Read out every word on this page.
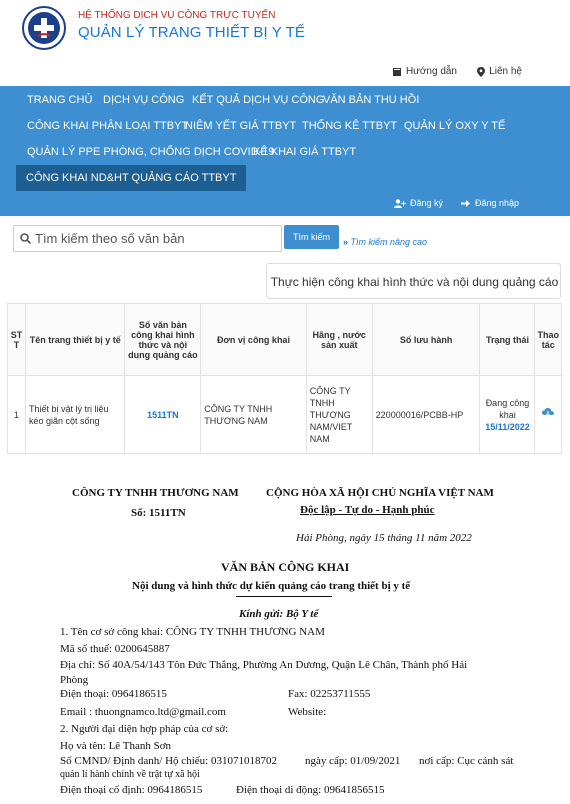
HỆ THỐNG DỊCH VỤ CÔNG TRỰC TUYẾN
QUẢN LÝ TRANG THIẾT BỊ Y TẾ
Hướng dẫn	Liên hệ
TRANG CHỦ DỊCH VỤ CÔNG KẾT QUẢ DỊCH VỤ CÔNG
VĂN BẢN THU HỒI
CÔNG KHAI PHÂN LOẠI TTBYT
NIÊM YẾT GIÁ TTBYT THỐNG KÊ TTBYT QUẢN LÝ OXY Y TẾ
QUẢN LÝ PPE PHÒNG, CHỐNG DỊCH COVID-19
KÊ KHAI GIÁ TTBYT
CÔNG KHAI ND&HT QUẢNG CÁO TTBYT
Đăng ký	Đăng nhập
Tìm kiếm theo số văn bản
Tìm kiếm	» Tìm kiếm nâng cao
Thực hiện công khai hình thức và nội dung quảng cáo
ST T	Tên trang thiết bị y tế	Số văn bản công khai hình thức và nội dung quảng cáo	Đơn vị công khai	Hãng , nước sản xuất	Số lưu hành	Trạng thái	Thao tác
1	Thiết bị vật lý trị liệu kéo giãn cột sống	1511TN	CÔNG TY TNHH THƯƠNG NAM	CÔNG TY TNHH THƯƠNG NAM/VIET NAM	220000016/PCBB-HP	Đang công khai
15/11/2022

CÔNG TY TNHH THƯƠNG NAM
Số: 1511TN
CỘNG HÒA XÃ HỘI CHỦ NGHĨA VIỆT NAM
Độc lập - Tự do - Hạnh phúc
Hải Phòng, ngày 15 tháng 11 năm 2022
VĂN BẢN CÔNG KHAI
Nội dung và hình thức dự kiến quảng cáo trang thiết bị y tế
Kính gửi: Bộ Y tế
1. Tên cơ sở công khai: CÔNG TY TNHH THƯƠNG NAM
Mã số thuế: 0200645887
Địa chỉ: Số 40A/54/143 Tôn Đức Thắng, Phường An Dương, Quận Lê Chân, Thành phố Hải
Phòng
Điện thoại: 0964186515	Fax: 02253711555
Email : thuongnamco.ltd@gmail.com	Website:
2. Người đại diện hợp pháp của cơ sở:
Họ và tên: Lê Thanh Sơn
Số CMND/ Định danh/ Hộ chiếu: 031071018702	ngày cấp: 01/09/2021 nơi cấp: Cục cảnh sát
quản lí hành chính về trật tự xã hội
Điện thoại cố định: 0964186515	Điện thoại di động: 09641856515
